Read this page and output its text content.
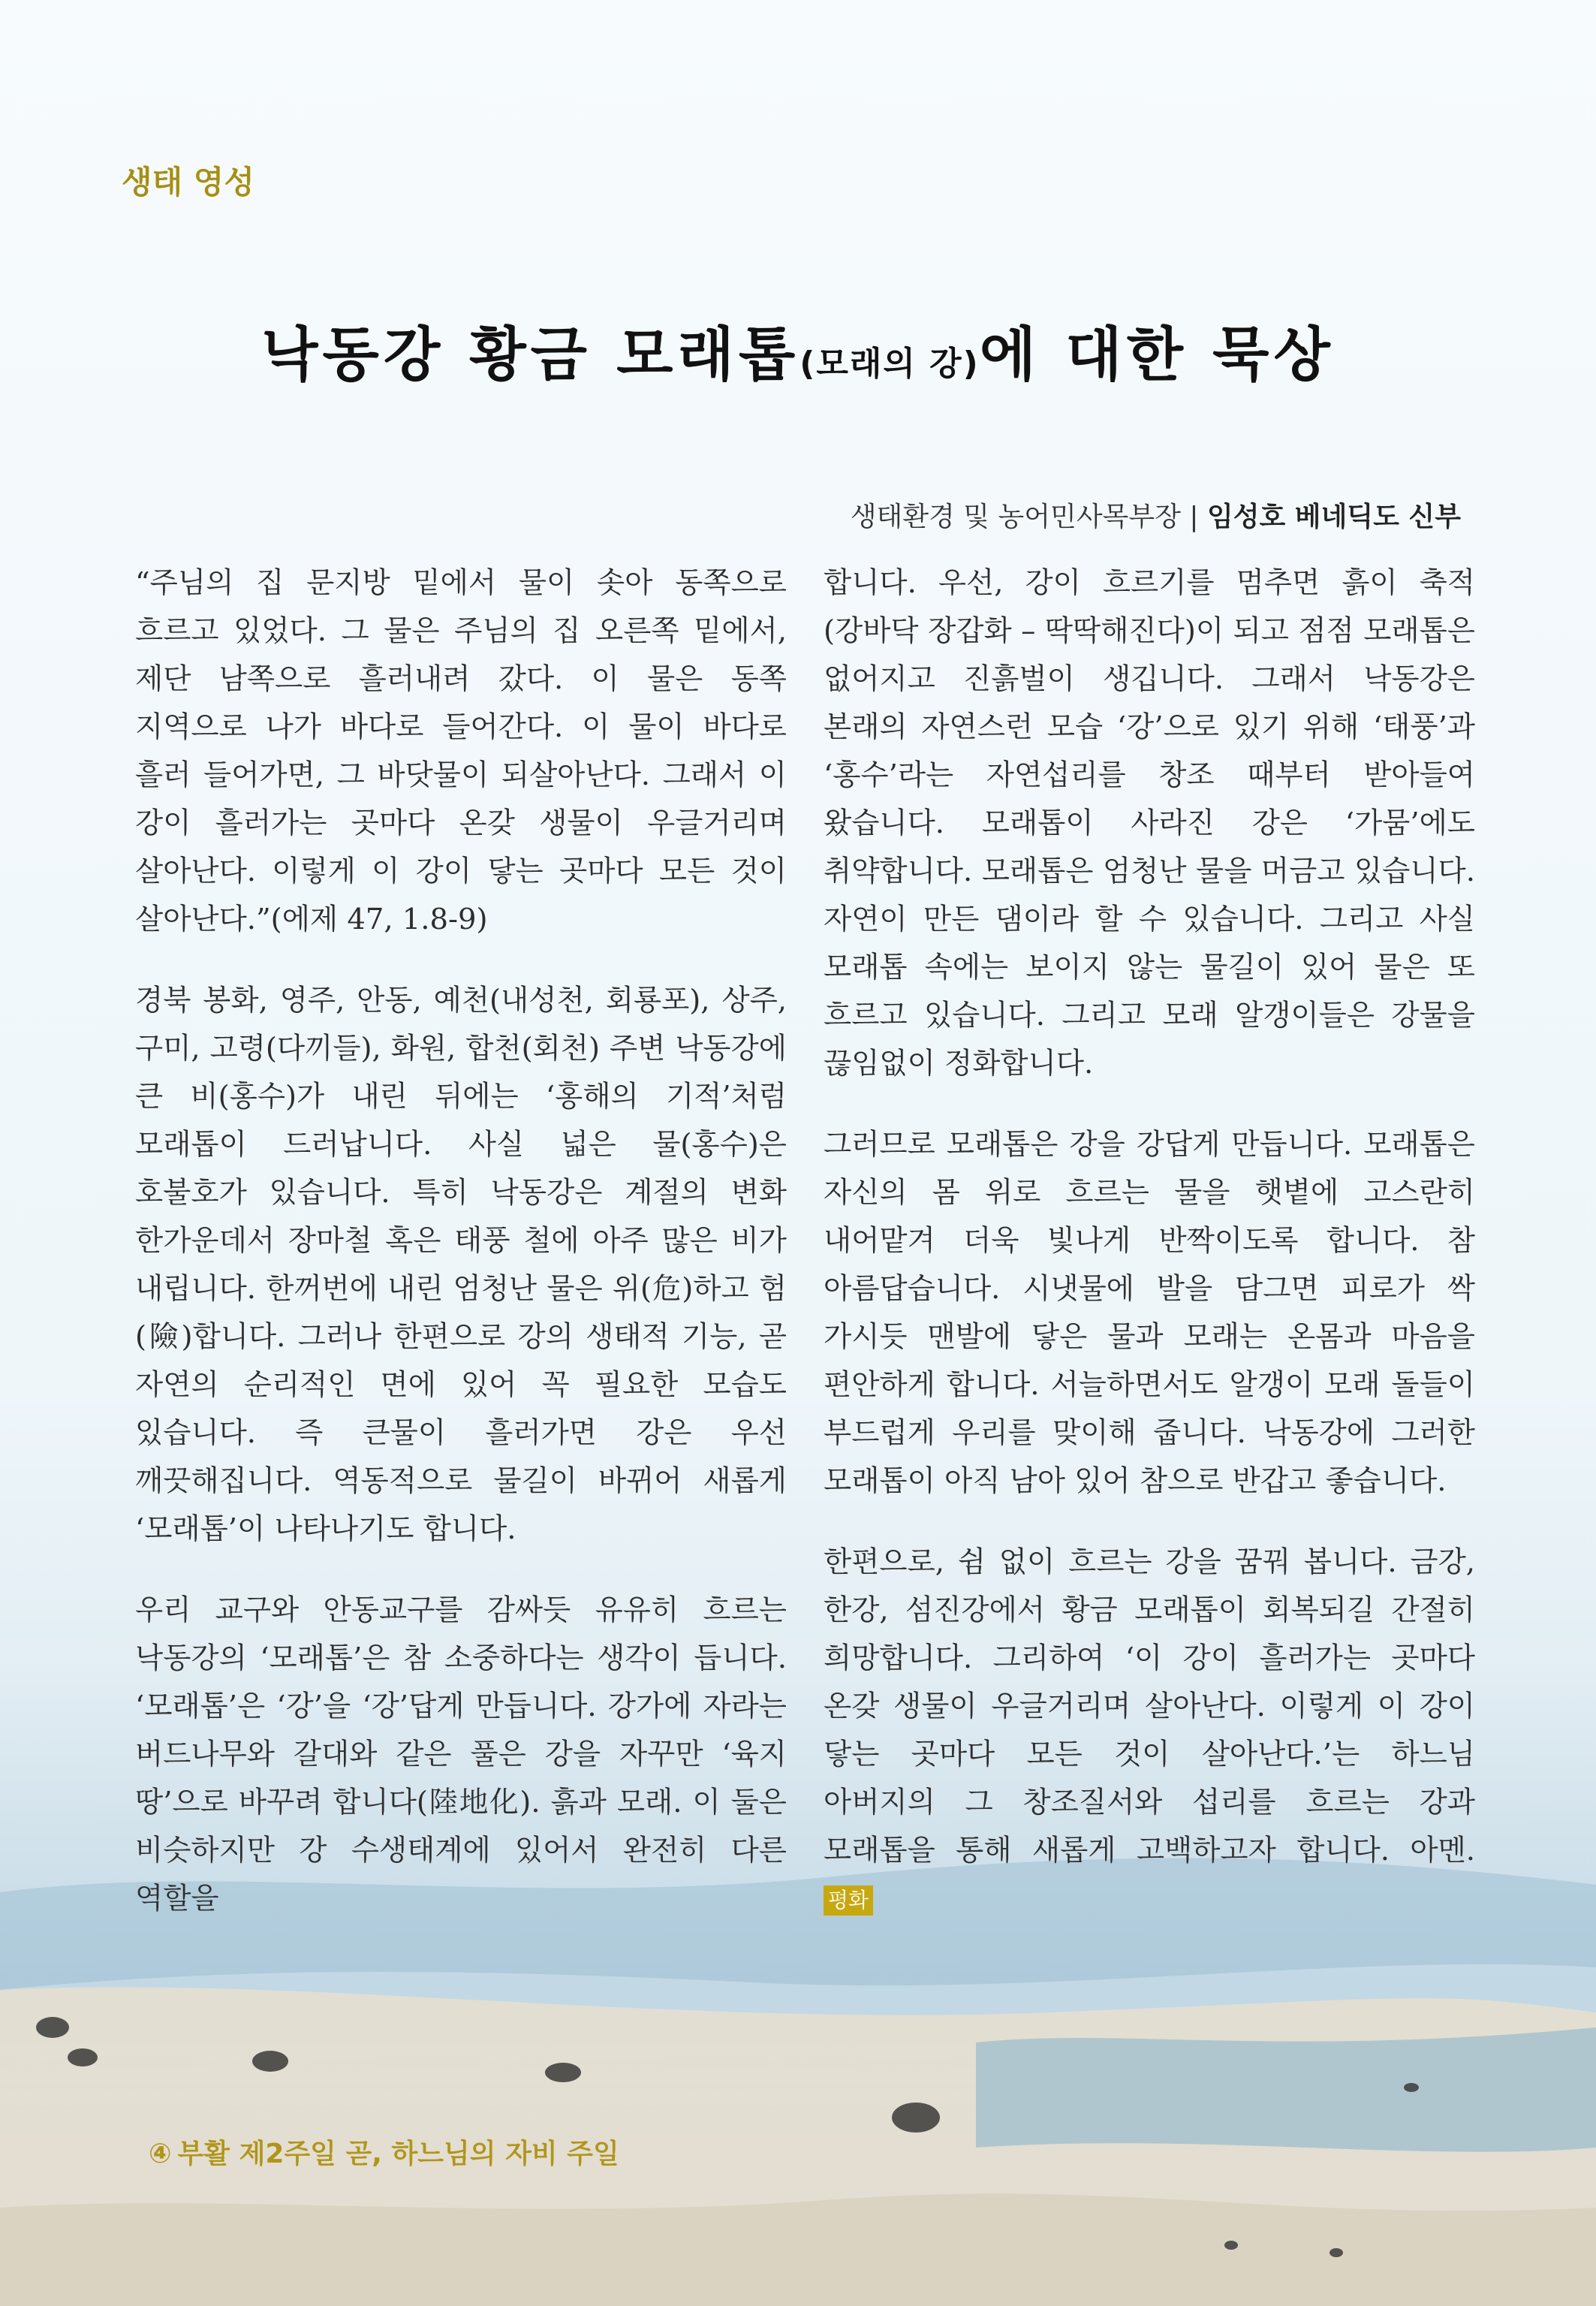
생태 영성
낙동강 황금 모래톱(모래의 강)에 대한 묵상
생태환경 및 농어민사목부장 | 임성호 베네딕도 신부

“주님의 집 문지방 밑에서 물이 솟아 동쪽으로 흐르고 있었다. 그 물은 주님의 집 오른쪽 밑에서, 제단 남쪽으로 흘러내려 갔다. 이 물은 동쪽 지역으로 나가 바다로 들어간다. 이 물이 바다로 흘러 들어가면, 그 바닷물이 되살아난다. 그래서 이 강이 흘러가는 곳마다 온갖 생물이 우글거리며 살아난다. 이렇게 이 강이 닿는 곳마다 모든 것이 살아난다.”(에제 47, 1.8-9)

경북 봉화, 영주, 안동, 예천(내성천, 회룡포), 상주, 구미, 고령(다끼들), 화원, 합천(회천) 주변 낙동강에 큰 비(홍수)가 내린 뒤에는 ‘홍해의 기적’처럼 모래톱이 드러납니다. 사실 넓은 물(홍수)은 호불호가 있습니다. 특히 낙동강은 계절의 변화 한가운데서 장마철 혹은 태풍 철에 아주 많은 비가 내립니다. 한꺼번에 내린 엄청난 물은 위(危)하고 험(險)합니다. 그러나 한편으로 강의 생태적 기능, 곧 자연의 순리적인 면에 있어 꼭 필요한 모습도 있습니다. 즉 큰물이 흘러가면 강은 우선 깨끗해집니다. 역동적으로 물길이 바뀌어 새롭게 ‘모래톱’이 나타나기도 합니다.

우리 교구와 안동교구를 감싸듯 유유히 흐르는 낙동강의 ‘모래톱’은 참 소중하다는 생각이 듭니다. ‘모래톱’은 ‘강’을 ‘강’답게 만듭니다. 강가에 자라는 버드나무와 갈대와 같은 풀은 강을 자꾸만 ‘육지 땅’으로 바꾸려 합니다(陸地化). 흙과 모래. 이 둘은 비슷하지만 강 수생태계에 있어서 완전히 다른 역할을

합니다. 우선, 강이 흐르기를 멈추면 흙이 축적(강바닥 장갑화 – 딱딱해진다)이 되고 점점 모래톱은 없어지고 진흙벌이 생깁니다. 그래서 낙동강은 본래의 자연스런 모습 ‘강’으로 있기 위해 ‘태풍’과 ‘홍수’라는 자연섭리를 창조 때부터 받아들여 왔습니다. 모래톱이 사라진 강은 ‘가뭄’에도 취약합니다. 모래톱은 엄청난 물을 머금고 있습니다. 자연이 만든 댐이라 할 수 있습니다. 그리고 사실 모래톱 속에는 보이지 않는 물길이 있어 물은 또 흐르고 있습니다. 그리고 모래 알갱이들은 강물을 끊임없이 정화합니다.

그러므로 모래톱은 강을 강답게 만듭니다. 모래톱은 자신의 몸 위로 흐르는 물을 햇볕에 고스란히 내어맡겨 더욱 빛나게 반짝이도록 합니다. 참 아름답습니다. 시냇물에 발을 담그면 피로가 싹 가시듯 맨발에 닿은 물과 모래는 온몸과 마음을 편안하게 합니다. 서늘하면서도 알갱이 모래 돌들이 부드럽게 우리를 맞이해 줍니다. 낙동강에 그러한 모래톱이 아직 남아 있어 참으로 반갑고 좋습니다.

한편으로, 쉼 없이 흐르는 강을 꿈꿔 봅니다. 금강, 한강, 섬진강에서 황금 모래톱이 회복되길 간절히 희망합니다. 그리하여 ‘이 강이 흘러가는 곳마다 온갖 생물이 우글거리며 살아난다. 이렇게 이 강이 닿는 곳마다 모든 것이 살아난다.’는 하느님 아버지의 그 창조질서와 섭리를 흐르는 강과 모래톱을 통해 새롭게 고백하고자 합니다. 아멘. 평화

④ 부활 제2주일 곧, 하느님의 자비 주일
